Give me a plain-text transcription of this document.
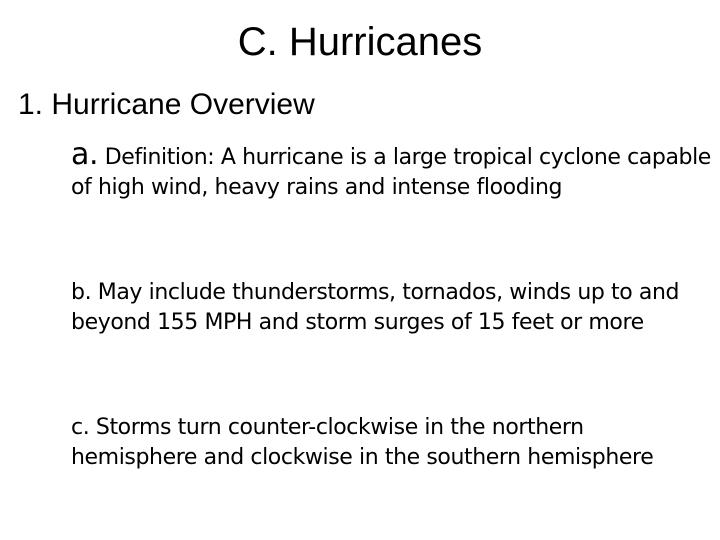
C. Hurricanes
1. Hurricane Overview
a. Definition: A hurricane is a large tropical cyclone capable of high wind, heavy rains and intense flooding
b. May include thunderstorms, tornados, winds up to and beyond 155 MPH and storm surges of 15 feet or more
c. Storms turn counter-clockwise in the northern hemisphere and clockwise in the southern hemisphere
